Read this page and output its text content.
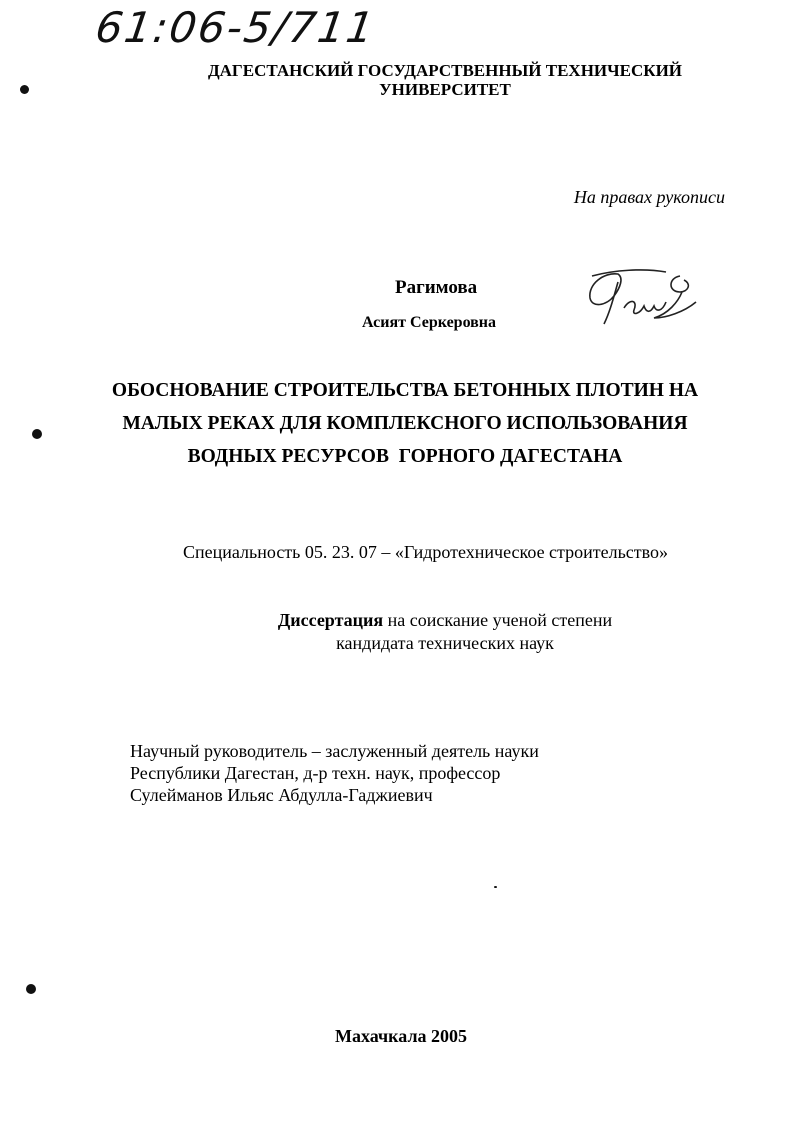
61:06-5/711
ДАГЕСТАНСКИЙ ГОСУДАРСТВЕННЫЙ ТЕХНИЧЕСКИЙ
УНИВЕРСИТЕТ
На правах рукописи
Рагимова
Асият Серкеровна
ОБОСНОВАНИЕ СТРОИТЕЛЬСТВА БЕТОННЫХ ПЛОТИН НА
МАЛЫХ РЕКАХ ДЛЯ КОМПЛЕКСНОГО ИСПОЛЬЗОВАНИЯ
ВОДНЫХ РЕСУРСОВ  ГОРНОГО ДАГЕСТАНА
Специальность 05. 23. 07 – «Гидротехническое строительство»
Диссертация на соискание ученой степени
кандидата технических наук
Научный руководитель – заслуженный деятель науки
Республики Дагестан, д-р техн. наук, профессор
Сулейманов Ильяс Абдулла-Гаджиевич
Махачкала 2005
